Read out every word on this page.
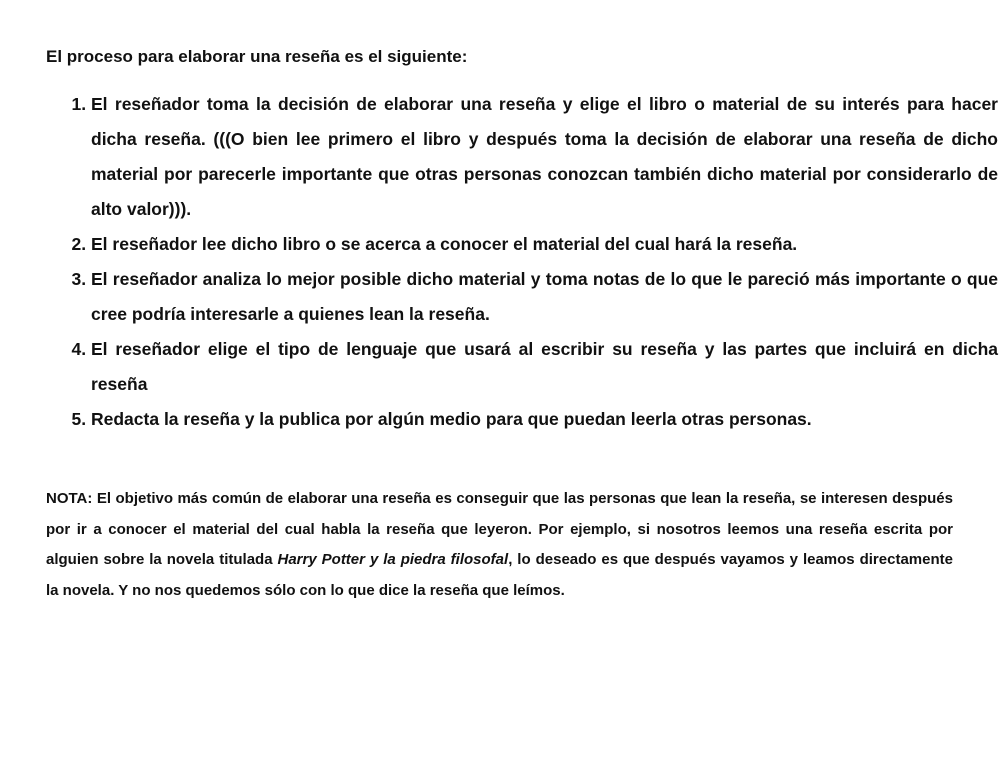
El proceso para elaborar una reseña es el siguiente:

1. El reseñador toma la decisión de elaborar una reseña y elige el libro o material de su interés para hacer dicha reseña. (((O bien lee primero el libro y después toma la decisión de elaborar una reseña de dicho material por parecerle importante que otras personas conozcan también dicho material por considerarlo de alto valor))).
2. El reseñador lee dicho libro o se acerca a conocer el material del cual hará la reseña.
3. El reseñador analiza lo mejor posible dicho material y toma notas de lo que le pareció más importante o que cree podría interesarle a quienes lean la reseña.
4. El reseñador elige el tipo de lenguaje que usará al escribir su reseña y las partes que incluirá en dicha reseña
5. Redacta la reseña y la publica por algún medio para que puedan leerla otras personas.

NOTA: El objetivo más común de elaborar una reseña es conseguir que las personas que lean la reseña, se interesen después por ir a conocer el material del cual habla la reseña que leyeron. Por ejemplo, si nosotros leemos una reseña escrita por alguien sobre la novela titulada Harry Potter y la piedra filosofal, lo deseado es que después vayamos y leamos directamente la novela. Y no nos quedemos sólo con lo que dice la reseña que leímos.
